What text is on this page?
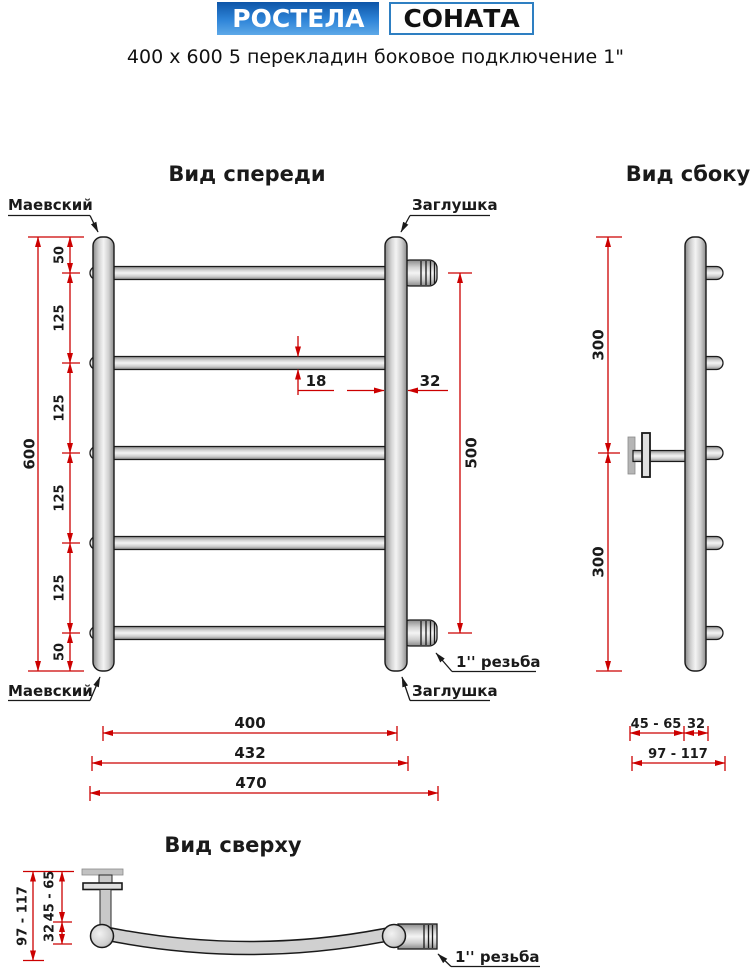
РОСТЕЛА	СОНАТА
400 x 600 5 перекладин боковое подключение 1"
Вид спереди
600
50
125
125
125
125
50
500
18	32
400
432
470
Маевский	Заглушка
Маевский	Заглушка
1'' резьба
Вид сбоку
300
300
45 - 65 32
97 - 117
Вид сверху
97 - 117 45 - 65
32
1'' резьба
